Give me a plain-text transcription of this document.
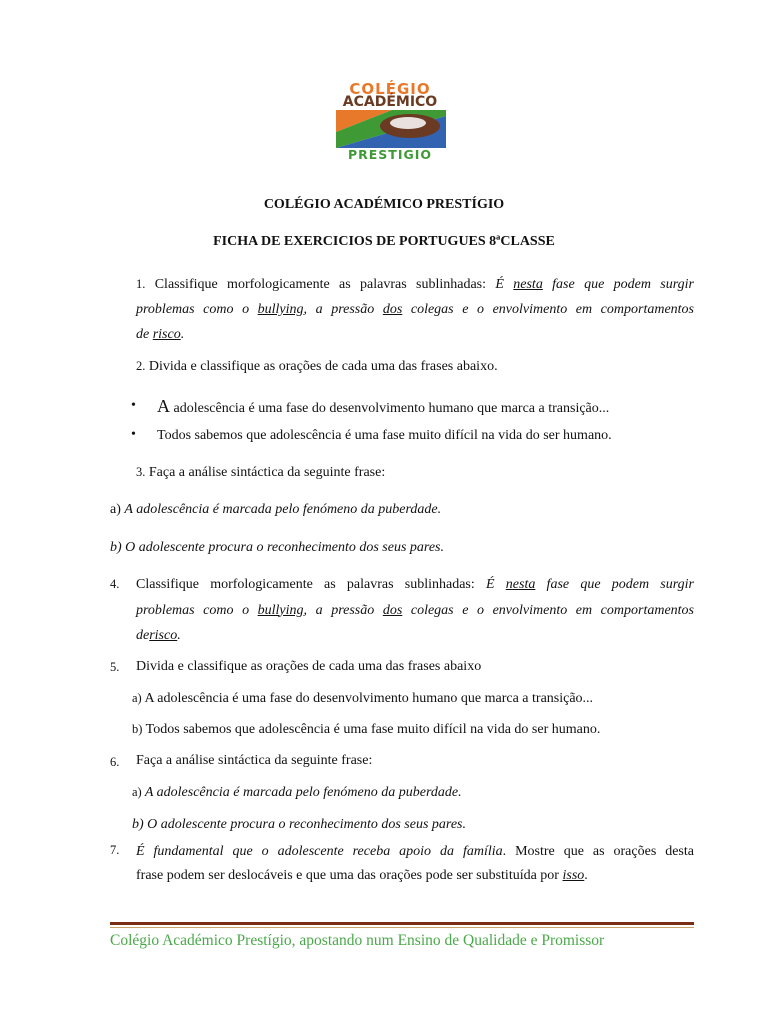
COLÉGIO
ACADÉMICO
PRESTIGIO
COLÉGIO ACADÉMICO PRESTÍGIO
FICHA DE EXERCICIOS DE PORTUGUES 8ªCLASSE
1. Classifique morfologicamente as palavras sublinhadas: É nesta fase que podem surgir
problemas como o bullying, a pressão dos colegas e o envolvimento em comportamentos
de risco.
2. Divida e classifique as orações de cada uma das frases abaixo.
• A adolescência é uma fase do desenvolvimento humano que marca a transição...
• Todos sabemos que adolescência é uma fase muito difícil na vida do ser humano.
3. Faça a análise sintáctica da seguinte frase:
a) A adolescência é marcada pelo fenómeno da puberdade.
b) O adolescente procura o reconhecimento dos seus pares.
4. Classifique morfologicamente as palavras sublinhadas: É nesta fase que podem surgir
problemas como o bullying, a pressão dos colegas e o envolvimento em comportamentos
derisco.
5. Divida e classifique as orações de cada uma das frases abaixo
a) A adolescência é uma fase do desenvolvimento humano que marca a transição...
b) Todos sabemos que adolescência é uma fase muito difícil na vida do ser humano.
6. Faça a análise sintáctica da seguinte frase:
a) A adolescência é marcada pelo fenómeno da puberdade.
b) O adolescente procura o reconhecimento dos seus pares.
7. É fundamental que o adolescente receba apoio da família. Mostre que as orações desta
frase podem ser deslocáveis e que uma das orações pode ser substituída por isso.
Colégio Académico Prestígio, apostando num Ensino de Qualidade e Promissor
